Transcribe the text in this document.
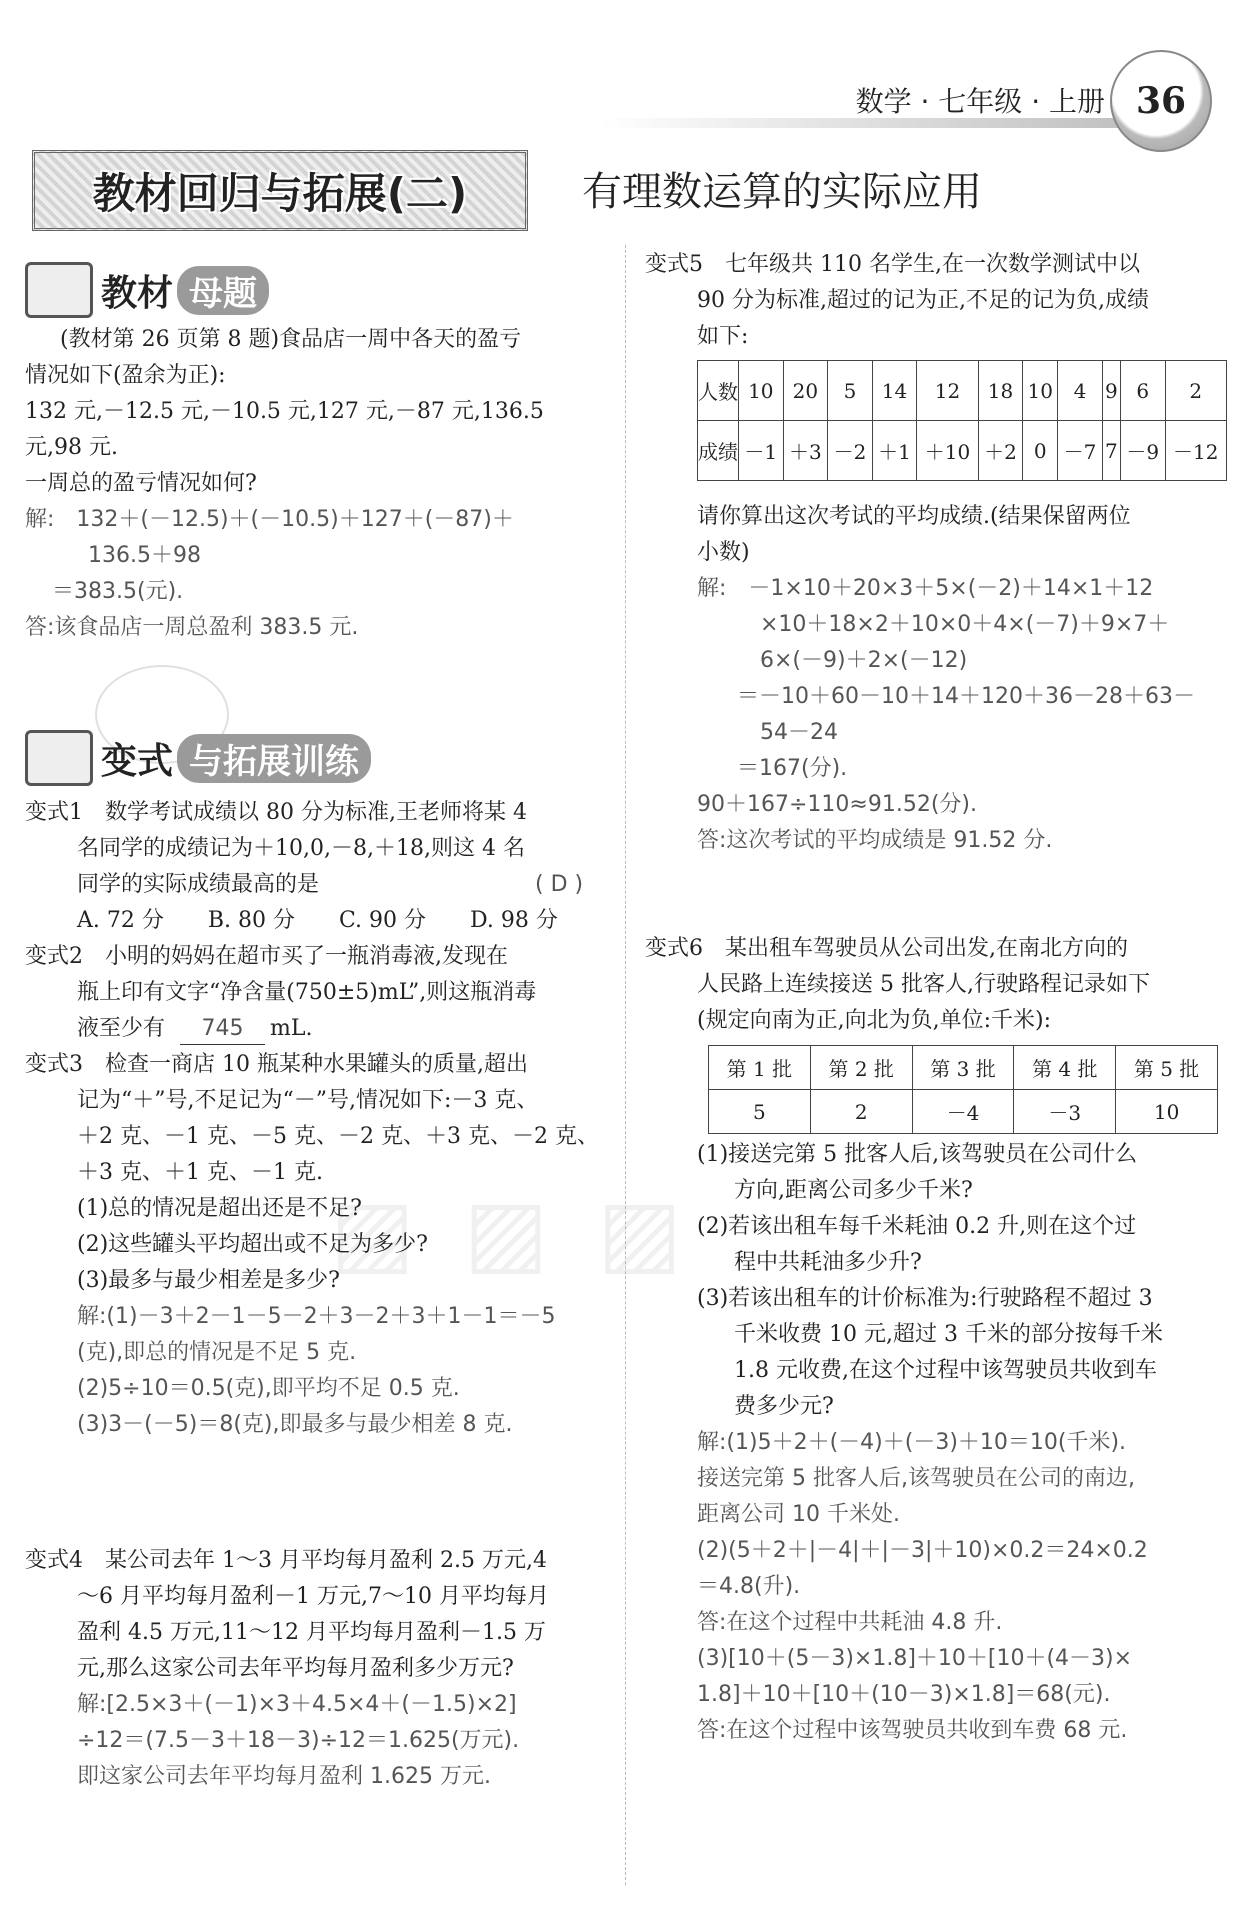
数学 · 七年级 · 上册 36
教材回归与拓展(二)	有理数运算的实际应用
教材 母题
(教材第 26 页第 8 题)食品店一周中各天的盈亏
情况如下(盈余为正):
132 元,－12.5 元,－10.5 元,127 元,－87 元,136.5
元,98 元.
一周总的盈亏情况如何?
解:　132＋(－12.5)＋(－10.5)＋127＋(－87)＋
136.5＋98
＝383.5(元).
答:该食品店一周总盈利 383.5 元.
变式 与拓展训练
变式1　数学考试成绩以 80 分为标准,王老师将某 4
名同学的成绩记为＋10,0,－8,＋18,则这 4 名
同学的实际成绩最高的是	( D )
A. 72 分　　B. 80 分　　C. 90 分　　D. 98 分
变式2　小明的妈妈在超市买了一瓶消毒液,发现在
瓶上印有文字“净含量(750±5)mL”,则这瓶消毒
液至少有	745	mL.
变式3　检查一商店 10 瓶某种水果罐头的质量,超出
记为“＋”号,不足记为“－”号,情况如下:－3 克、
＋2 克、－1 克、－5 克、－2 克、＋3 克、－2 克、
＋3 克、＋1 克、－1 克.
(1)总的情况是超出还是不足?
(2)这些罐头平均超出或不足为多少?
(3)最多与最少相差是多少?
解:(1)－3＋2－1－5－2＋3－2＋3＋1－1＝－5
(克),即总的情况是不足 5 克.
(2)5÷10＝0.5(克),即平均不足 0.5 克.
(3)3－(－5)＝8(克),即最多与最少相差 8 克.
变式4　某公司去年 1～3 月平均每月盈利 2.5 万元,4
～6 月平均每月盈利－1 万元,7～10 月平均每月
盈利 4.5 万元,11～12 月平均每月盈利－1.5 万
元,那么这家公司去年平均每月盈利多少万元?
解:[2.5×3＋(－1)×3＋4.5×4＋(－1.5)×2]
÷12＝(7.5－3＋18－3)÷12＝1.625(万元).
即这家公司去年平均每月盈利 1.625 万元.
▨ ▨ ▨
变式5　七年级共 110 名学生,在一次数学测试中以
90 分为标准,超过的记为正,不足的记为负,成绩
如下:
人数	10	20	5	14	12	18	10	4	9	6	2
成绩	－1	＋3	－2	＋1	＋10	＋2	0	－7	7	－9	－12
请你算出这次考试的平均成绩.(结果保留两位
小数)
解:　－1×10＋20×3＋5×(－2)＋14×1＋12
×10＋18×2＋10×0＋4×(－7)＋9×7＋
6×(－9)＋2×(－12)
＝－10＋60－10＋14＋120＋36－28＋63－
54－24
＝167(分).
90＋167÷110≈91.52(分).
答:这次考试的平均成绩是 91.52 分.
变式6　某出租车驾驶员从公司出发,在南北方向的
人民路上连续接送 5 批客人,行驶路程记录如下
(规定向南为正,向北为负,单位:千米):
第 1 批	第 2 批	第 3 批	第 4 批	第 5 批
5	2	－4	－3	10
(1)接送完第 5 批客人后,该驾驶员在公司什么
方向,距离公司多少千米?
(2)若该出租车每千米耗油 0.2 升,则在这个过
程中共耗油多少升?
(3)若该出租车的计价标准为:行驶路程不超过 3
千米收费 10 元,超过 3 千米的部分按每千米
1.8 元收费,在这个过程中该驾驶员共收到车
费多少元?
解:(1)5＋2＋(－4)＋(－3)＋10＝10(千米).
接送完第 5 批客人后,该驾驶员在公司的南边,
距离公司 10 千米处.
(2)(5＋2＋|－4|＋|－3|＋10)×0.2＝24×0.2
＝4.8(升).
答:在这个过程中共耗油 4.8 升.
(3)[10＋(5－3)×1.8]＋10＋[10＋(4－3)×
1.8]＋10＋[10＋(10－3)×1.8]＝68(元).
答:在这个过程中该驾驶员共收到车费 68 元.
